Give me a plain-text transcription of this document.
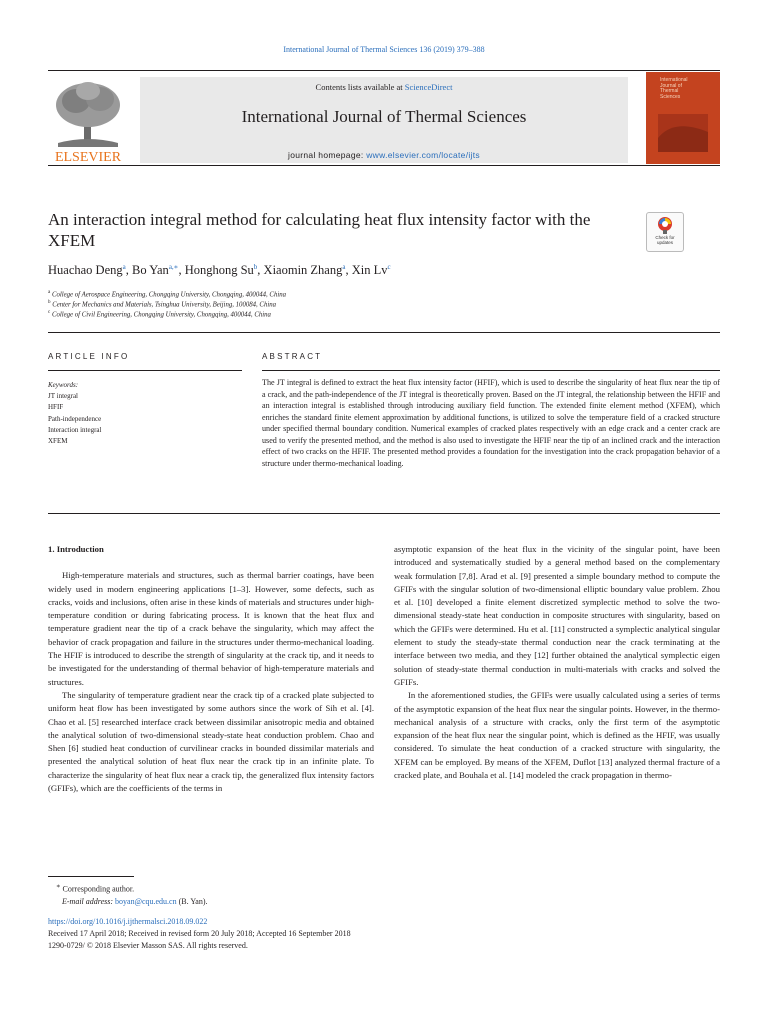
International Journal of Thermal Sciences 136 (2019) 379–388
ELSEVIER
Contents lists available at ScienceDirect
International Journal of Thermal Sciences
journal homepage: www.elsevier.com/locate/ijts
International
Journal of
Thermal
Sciences
An interaction integral method for calculating heat flux intensity factor with the XFEM	Check for updates
Huachao Deng$^a$, Bo Yan$^{a,∗}$, Honghong Su$^b$, Xiaomin Zhang$^a$, Xin Lv$^c$
$^a$ College of Aerospace Engineering, Chongqing University, Chongqing, 400044, China
$^b$ Center for Mechanics and Materials, Tsinghua University, Beijing, 100084, China
$^c$ College of Civil Engineering, Chongqing University, Chongqing, 400044, China
ARTICLE INFO
Keywords:
JT integral
HFIF
Path-independence
Interaction integral
XFEM
ABSTRACT
The JT integral is defined to extract the heat flux intensity factor (HFIF), which is used to describe the singularity of heat flux near the tip of a crack, and the path-independence of the JT integral is theoretically proven. Based on the JT integral, the relationship between the HFIF and an interaction integral is established through introducing auxiliary field function. The extended finite element method (XFEM), which enriches the standard finite element approximation by additional functions, is utilized to solve the temperature field of a cracked structure under specified thermal boundary condition. Numerical examples of cracked plates respectively with an edge crack and a center crack are used to verify the presented method, and the method is also used to investigate the HFIF near the tip of an inclined crack and the interaction effect of two cracks on the HFIF. The presented method provides a foundation for the investigation into the crack propagation behavior of a structure under thermo-mechanical loading.
1. Introduction

High-temperature materials and structures, such as thermal barrier coatings, have been widely used in modern engineering applications [1–3]. However, some defects, such as cracks, voids and inclusions, often arise in these kinds of materials and structures under high-temperature condition or during fabricating process. It is known that the heat flux and temperature gradient near the tip of a crack behave the singularity, which may affect the behavior of crack propagation and failure in the structures under thermo-mechanical loading. The HFIF is introduced to describe the strength of singularity at the crack tip, and it needs to be investigated for the understanding of thermal behavior of high-temperature materials and structures.

The singularity of temperature gradient near the crack tip of a cracked plate subjected to uniform heat flow has been investigated by some authors since the work of Sih et al. [4]. Chao et al. [5] researched interface crack between dissimilar anisotropic media and obtained the analytical solution of two-dimensional steady-state heat conduction problem. Chao and Shen [6] studied heat conduction of curvilinear cracks in bounded dissimilar materials and presented the analytical solution of heat flux near the crack tip in an infinite plate. To characterize the singularity of heat flux near a crack tip, the generalized flux intensity factors (GFIFs), which are the coefficients of the terms in

asymptotic expansion of the heat flux in the vicinity of the singular point, have been introduced and systematically studied by a general method based on the complementary weak formulation [7,8]. Arad et al. [9] presented a simple boundary method to compute the GFIFs with the singular solution of two-dimensional elliptic boundary value problem. Zhou et al. [10] developed a finite element discretized symplectic method to solve the two-dimensional steady-state heat conduction in composite structures with singularity, based on which the GFIFs were determined. Hu et al. [11] constructed a symplectic analytical singular element to study the steady-state thermal conduction near the crack terminating at the interface between two media, and they [12] further obtained the analytical symplectic eigen solution of steady-state thermal conduction in multi-materials with cracks and solved the GFIFs.

In the aforementioned studies, the GFIFs were usually calculated using a series of terms of the asymptotic expansion of the heat flux near the singular points. However, in the thermo-mechanical analysis of a structure with cracks, only the first term of the asymptotic expansion of the heat flux near the singular point, which is defined as the HFIF, was usually considered. To simulate the heat conduction of a cracked structure with singularity, the XFEM can be employed. By means of the XFEM, Duflot [13] analyzed thermal fracture of a cracked plate, and Bouhala et al. [14] modeled the crack propagation in thermo-

∗ Corresponding author.
E-mail address: boyan@cqu.edu.cn (B. Yan).
https://doi.org/10.1016/j.ijthermalsci.2018.09.022
Received 17 April 2018; Received in revised form 20 July 2018; Accepted 16 September 2018
1290-0729/ © 2018 Elsevier Masson SAS. All rights reserved.
